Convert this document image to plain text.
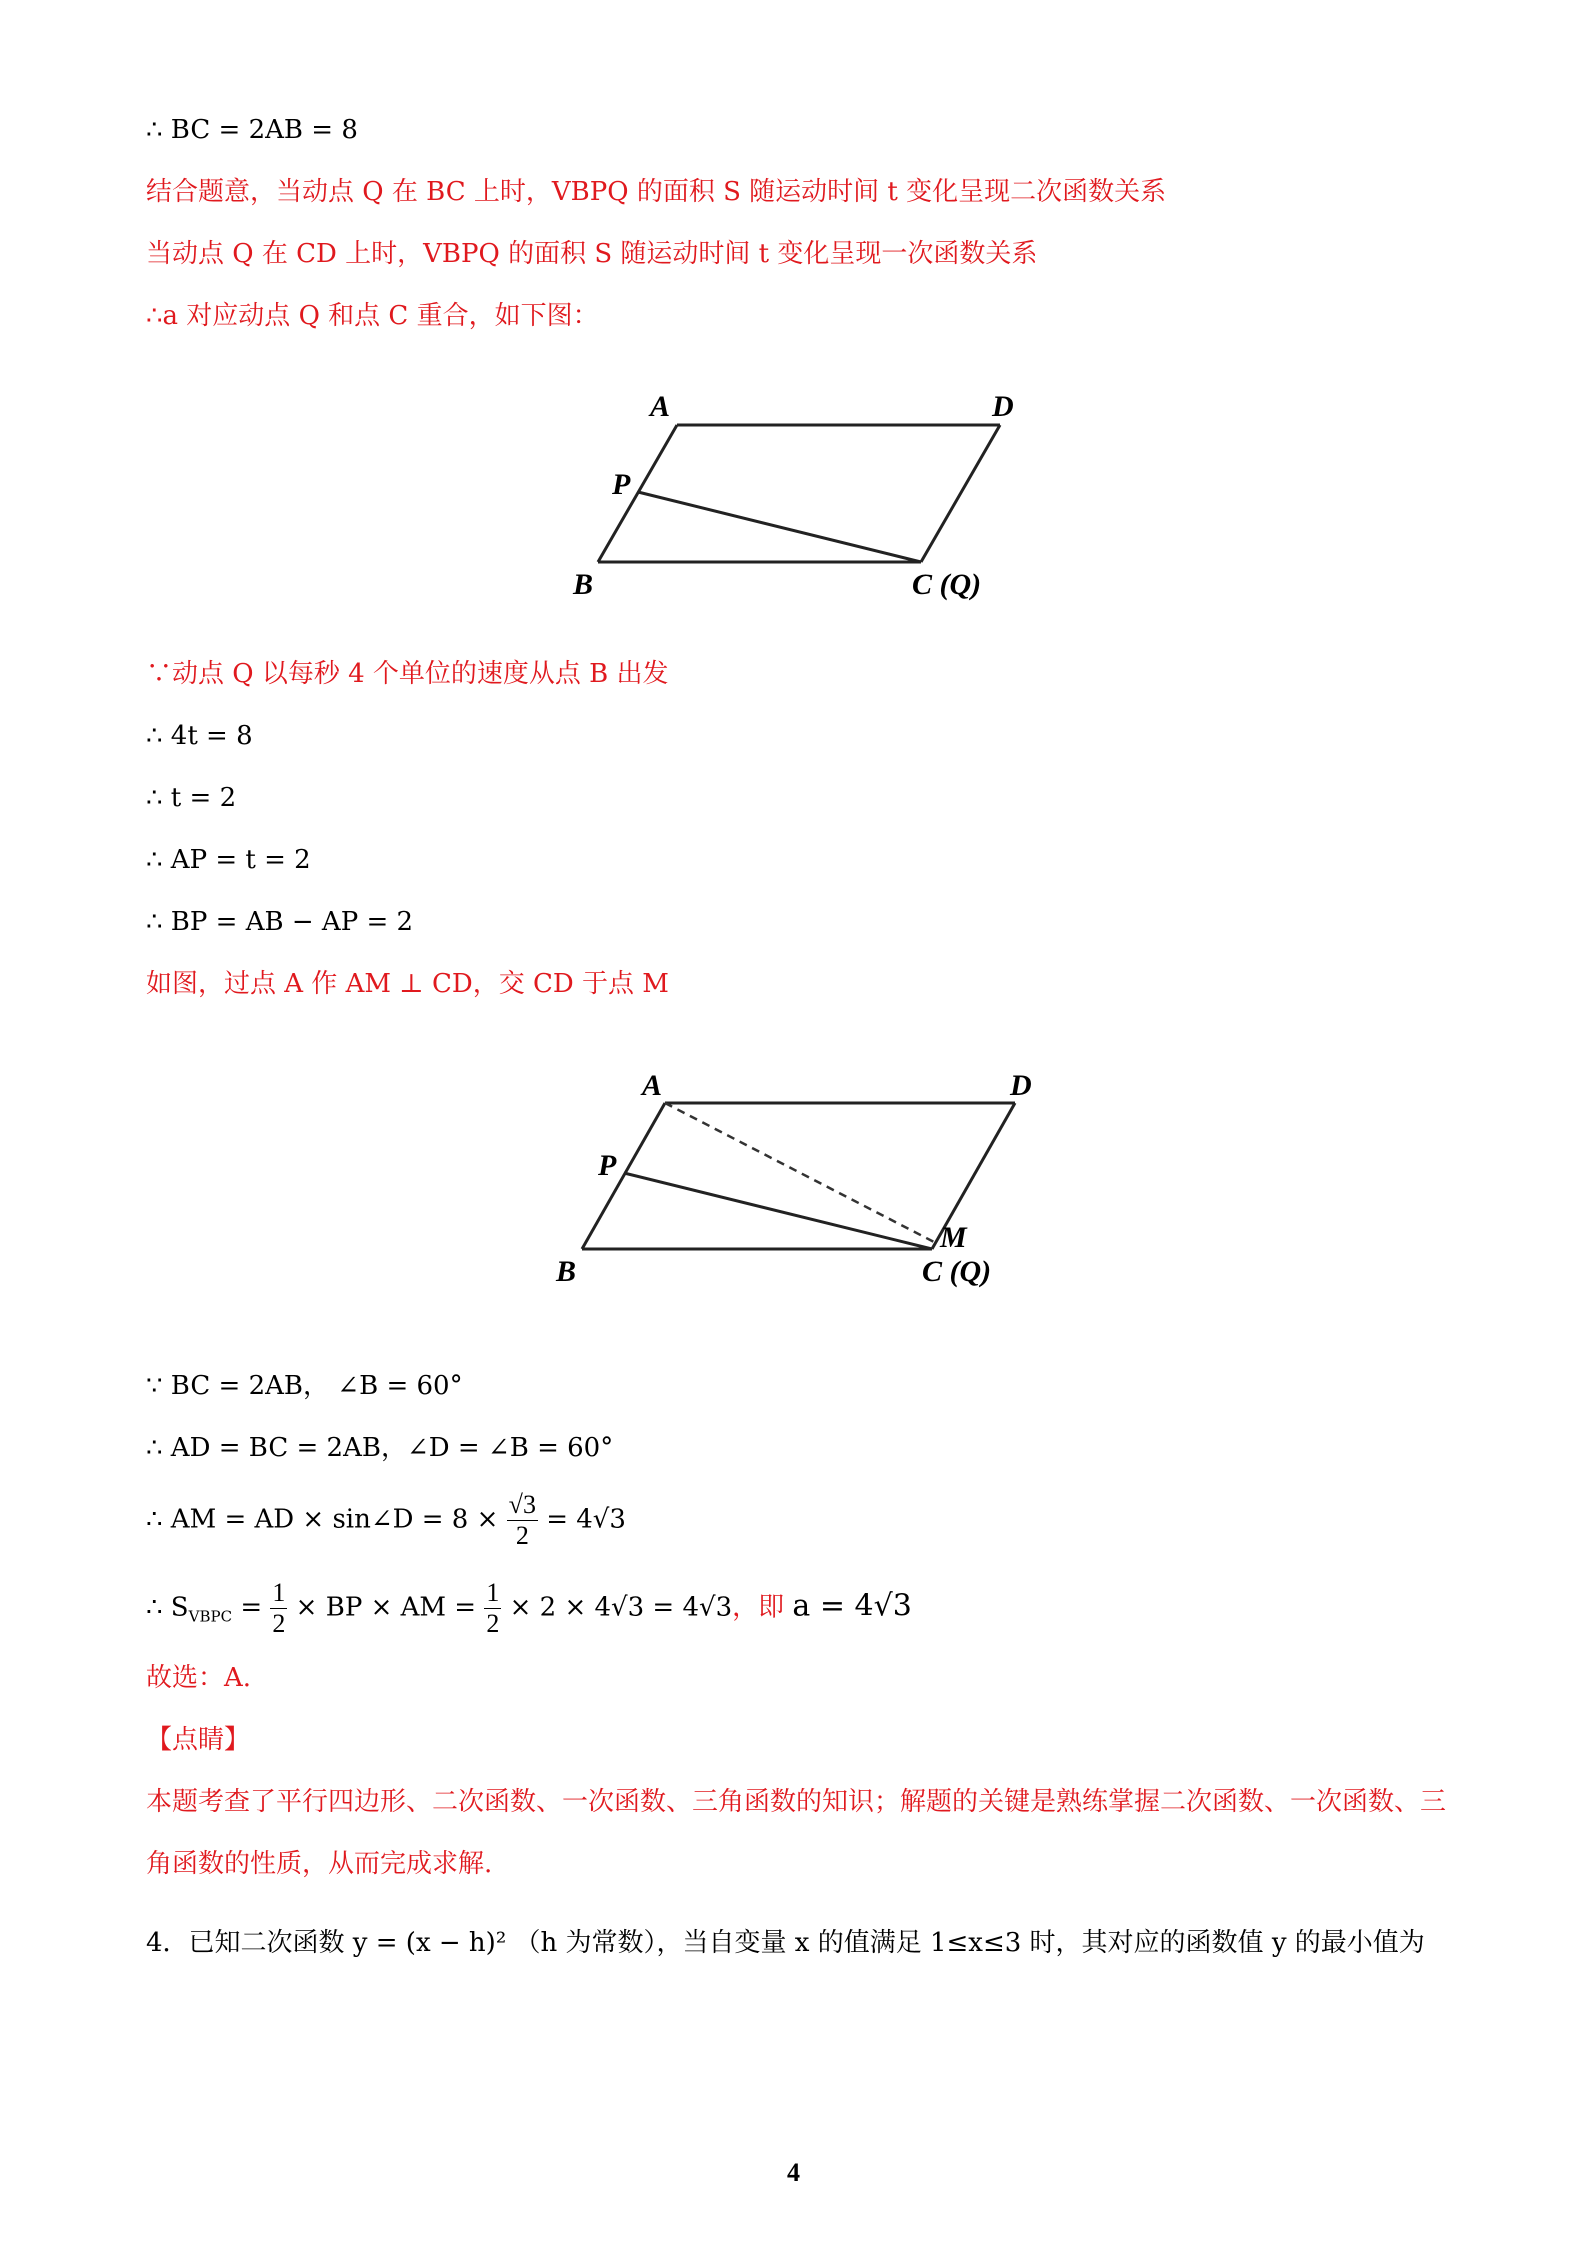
∴ BC = 2AB = 8
结合题意，当动点 Q 在 BC 上时，VBPQ 的面积 S 随运动时间 t 变化呈现二次函数关系
当动点 Q 在 CD 上时，VBPQ 的面积 S 随运动时间 t 变化呈现一次函数关系
∴a 对应动点 Q 和点 C 重合，如下图：
A	D
P
B	C (Q)
∵动点 Q 以每秒 4 个单位的速度从点 B 出发
∴ 4t = 8
∴ t = 2
∴ AP = t = 2
∴ BP = AB − AP = 2
如图，过点 A 作 AM ⊥ CD，交 CD 于点 M
A	D
P
M
B	C (Q)
∵ BC = 2AB， ∠B = 60°
∴ AD = BC = 2AB，∠D = ∠B = 60°
∴ AM = AD × sin∠D = $8 \times \frac{√3}{2} = 4√3$
∴ $S_{VBPC} = \frac{1}{2}$ × BP × AM = $\frac{1}{2} \times 2 \times 4√3 = 4√3$，即 a = 4√3
故选：A.
【点睛】
本题考查了平行四边形、二次函数、一次函数、三角函数的知识；解题的关键是熟练掌握二次函数、一次函数、三角函数的性质，从而完成求解.
4．已知二次函数 y = (x − h)² （h 为常数），当自变量 x 的值满足 1≤x≤3 时，其对应的函数值 y 的最小值为
4
